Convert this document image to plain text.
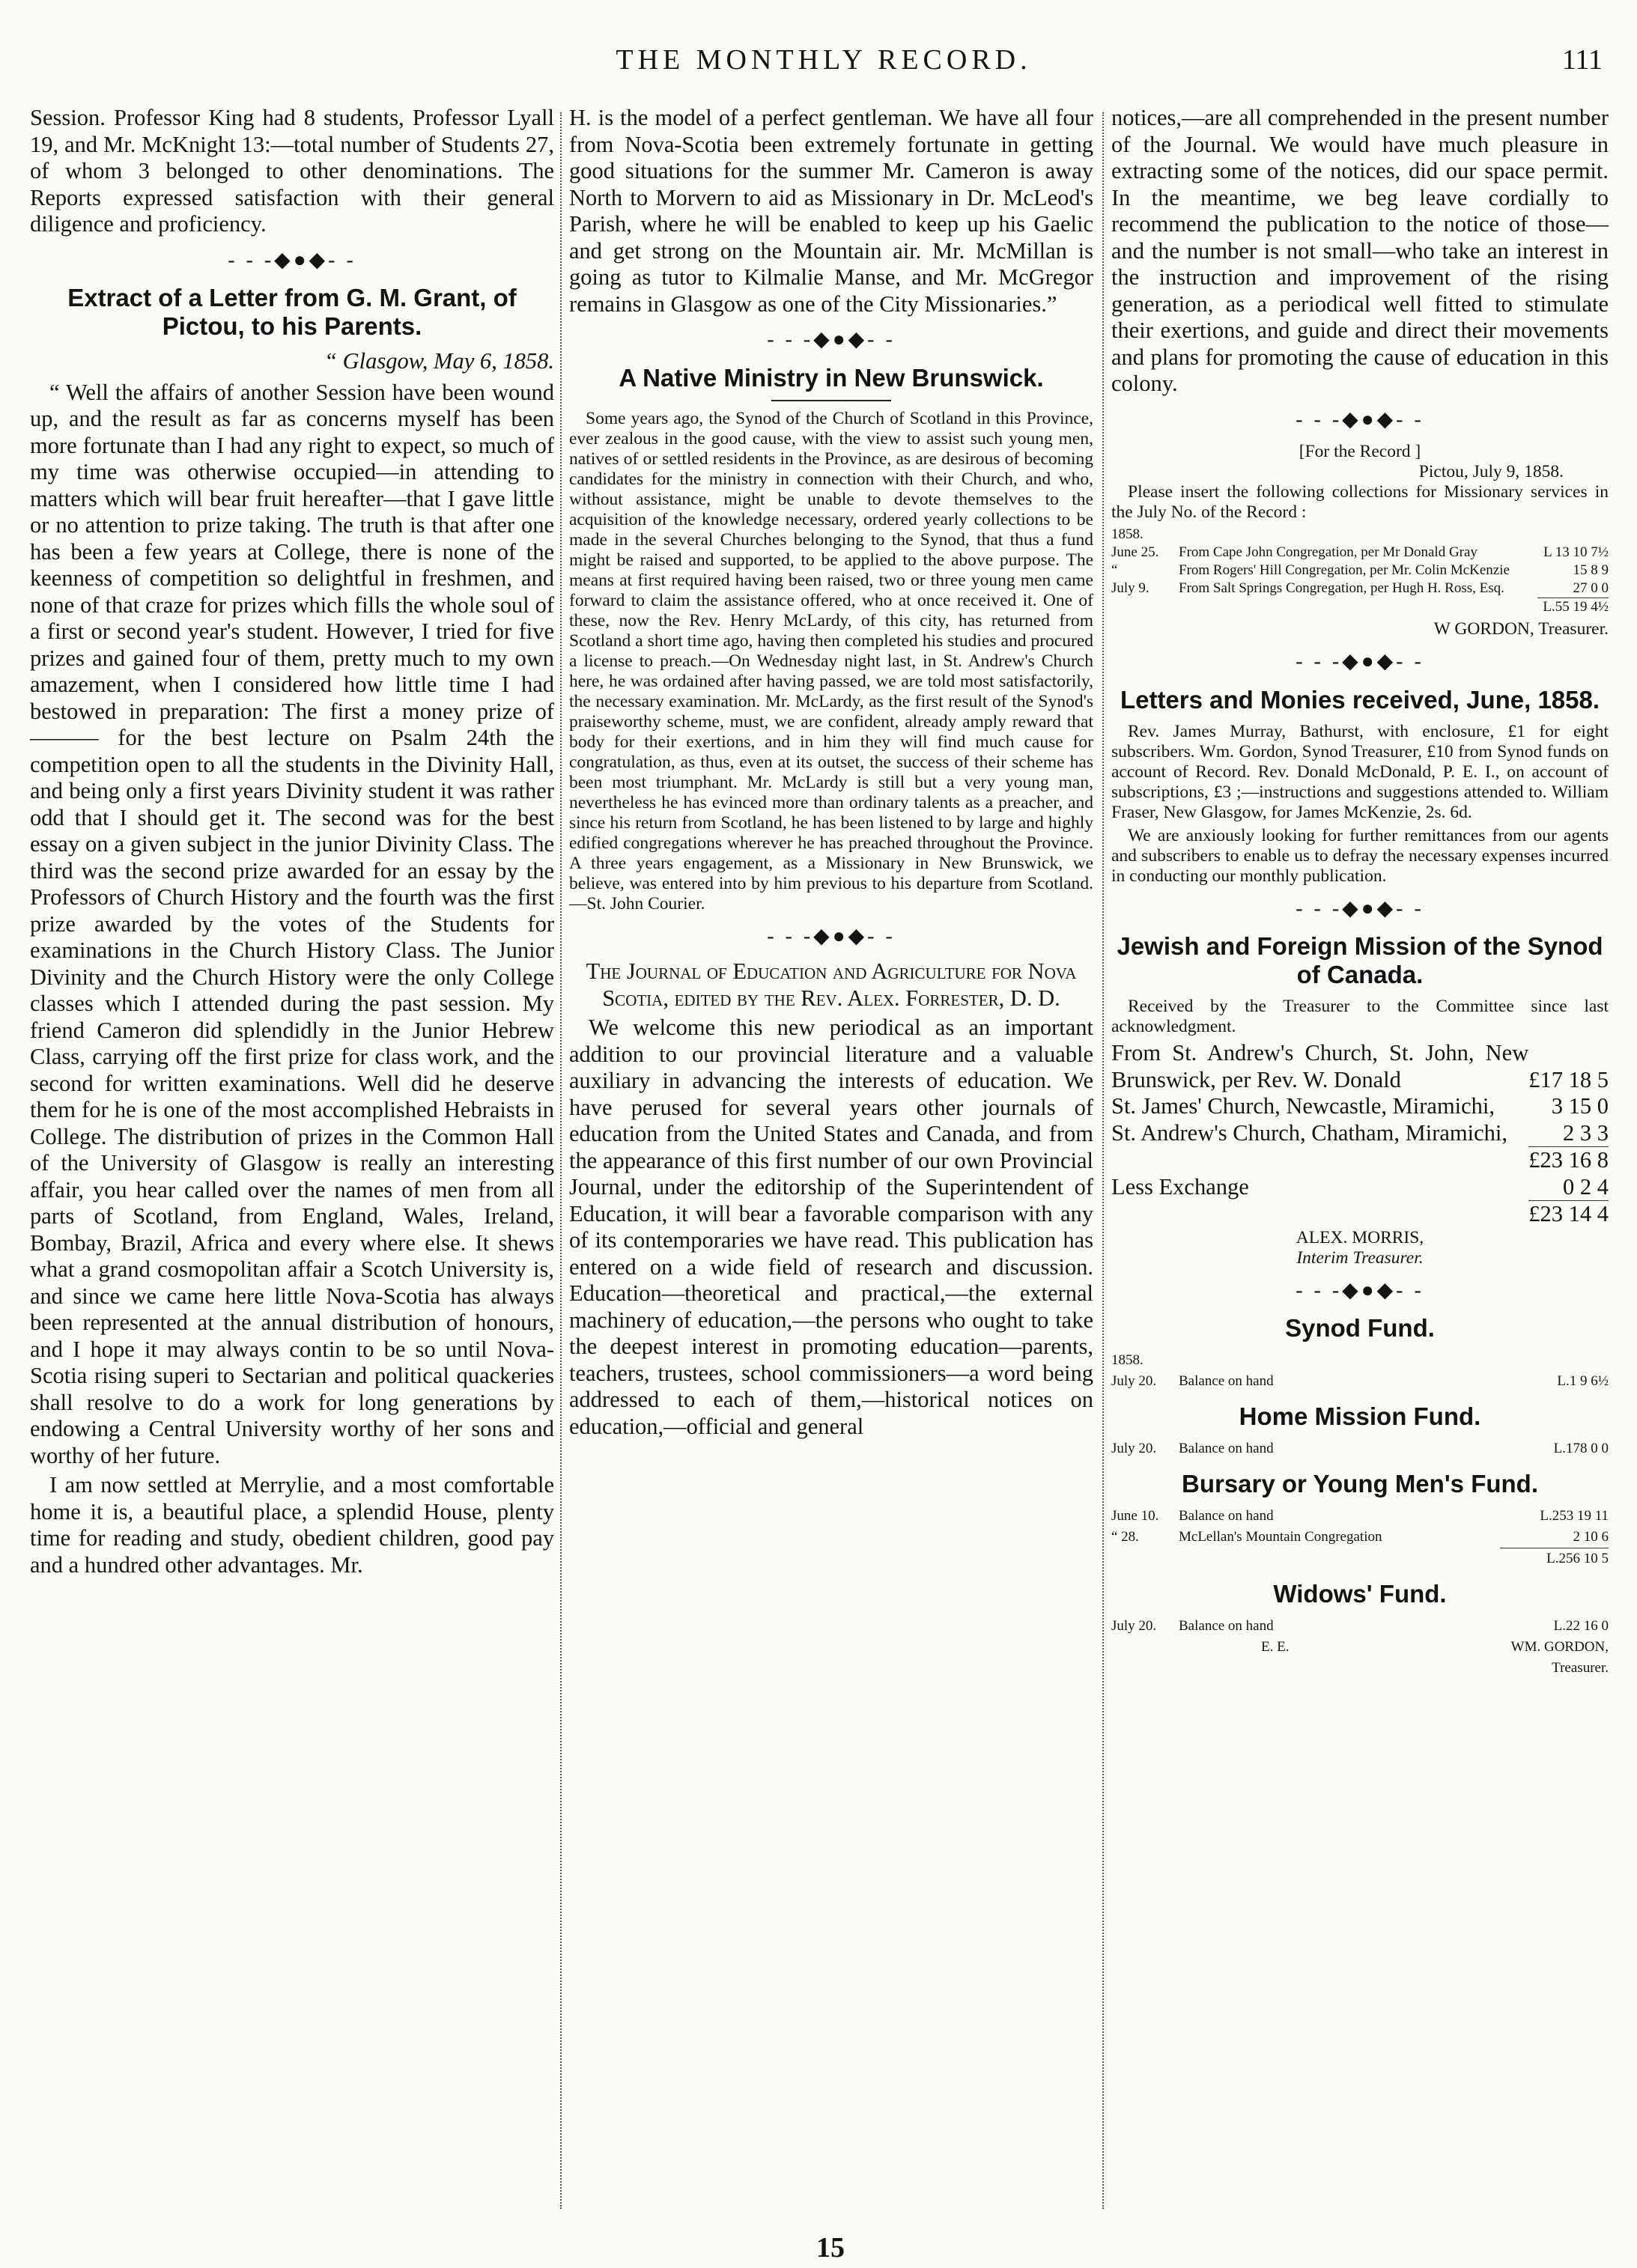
THE MONTHLY RECORD.	111

Session. Professor King had 8 students, Professor Lyall 19, and Mr. McKnight 13:—total number of Students 27, of whom 3 belonged to other denominations. The Reports expressed satisfaction with their general diligence and proficiency.

- - -◆●◆- -
Extract of a Letter from G. M. Grant, of Pictou, to his Parents.
“ Glasgow, May 6, 1858.

“ Well the affairs of another Session have been wound up, and the result as far as concerns myself has been more fortunate than I had any right to expect, so much of my time was otherwise occupied—in attending to matters which will bear fruit hereafter—that I gave little or no attention to prize taking. The truth is that after one has been a few years at College, there is none of the keenness of competition so delightful in freshmen, and none of that craze for prizes which fills the whole soul of a first or second year's student. However, I tried for five prizes and gained four of them, pretty much to my own amazement, when I considered how little time I had bestowed in preparation: The first a money prize of ——— for the best lecture on Psalm 24th the competition open to all the students in the Divinity Hall, and being only a first years Divinity student it was rather odd that I should get it. The second was for the best essay on a given subject in the junior Divinity Class. The third was the second prize awarded for an essay by the Professors of Church History and the fourth was the first prize awarded by the votes of the Students for examinations in the Church History Class. The Junior Divinity and the Church History were the only College classes which I attended during the past session. My friend Cameron did splendidly in the Junior Hebrew Class, carrying off the first prize for class work, and the second for written examinations. Well did he deserve them for he is one of the most accomplished Hebraists in College. The distribution of prizes in the Common Hall of the University of Glasgow is really an interesting affair, you hear called over the names of men from all parts of Scotland, from England, Wales, Ireland, Bombay, Brazil, Africa and every where else. It shews what a grand cosmopolitan affair a Scotch University is, and since we came here little Nova-Scotia has always been represented at the annual distribution of honours, and I hope it may always contin to be so until Nova-Scotia rising superi to Sectarian and political quackeries shall resolve to do a work for long generations by endowing a Central University worthy of her sons and worthy of her future.

I am now settled at Merrylie, and a most comfortable home it is, a beautiful place, a splendid House, plenty time for reading and study, obedient children, good pay and a hundred other advantages. Mr.

H. is the model of a perfect gentleman. We have all four from Nova-Scotia been extremely fortunate in getting good situations for the summer Mr. Cameron is away North to Morvern to aid as Missionary in Dr. McLeod's Parish, where he will be enabled to keep up his Gaelic and get strong on the Mountain air. Mr. McMillan is going as tutor to Kilmalie Manse, and Mr. McGregor remains in Glasgow as one of the City Missionaries.”

- - -◆●◆- -
A Native Ministry in New Brunswick.

Some years ago, the Synod of the Church of Scotland in this Province, ever zealous in the good cause, with the view to assist such young men, natives of or settled residents in the Province, as are desirous of becoming candidates for the ministry in connection with their Church, and who, without assistance, might be unable to devote themselves to the acquisition of the knowledge necessary, ordered yearly collections to be made in the several Churches belonging to the Synod, that thus a fund might be raised and supported, to be applied to the above purpose. The means at first required having been raised, two or three young men came forward to claim the assistance offered, who at once received it. One of these, now the Rev. Henry McLardy, of this city, has returned from Scotland a short time ago, having then completed his studies and procured a license to preach.—On Wednesday night last, in St. Andrew's Church here, he was ordained after having passed, we are told most satisfactorily, the necessary examination. Mr. McLardy, as the first result of the Synod's praiseworthy scheme, must, we are confident, already amply reward that body for their exertions, and in him they will find much cause for congratulation, as thus, even at its outset, the success of their scheme has been most triumphant. Mr. McLardy is still but a very young man, nevertheless he has evinced more than ordinary talents as a preacher, and since his return from Scotland, he has been listened to by large and highly edified congregations wherever he has preached throughout the Province. A three years engagement, as a Missionary in New Brunswick, we believe, was entered into by him previous to his departure from Scotland.—St. John Courier.

- - -◆●◆- -

The Journal of Education and Agriculture for Nova Scotia, edited by the Rev. Alex. Forrester, D. D.

We welcome this new periodical as an important addition to our provincial literature and a valuable auxiliary in advancing the interests of education. We have perused for several years other journals of education from the United States and Canada, and from the appearance of this first number of our own Provincial Journal, under the editorship of the Superintendent of Education, it will bear a favorable comparison with any of its contemporaries we have read. This publication has entered on a wide field of research and discussion. Education—theoretical and practical,—the external machinery of education,—the persons who ought to take the deepest interest in promoting education—parents, teachers, trustees, school commissioners—a word being addressed to each of them,—historical notices on education,—official and general

notices,—are all comprehended in the present number of the Journal. We would have much pleasure in extracting some of the notices, did our space permit. In the meantime, we beg leave cordially to recommend the publication to the notice of those—and the number is not small—who take an interest in the instruction and improvement of the rising generation, as a periodical well fitted to stimulate their exertions, and guide and direct their movements and plans for promoting the cause of education in this colony.

- - -◆●◆- -
[For the Record ]
Pictou, July 9, 1858.

Please insert the following collections for Missionary services in the July No. of the Record :

1858.
June 25.	From Cape John Congregation, per Mr Donald Gray	L 13 10 7½
“	From Rogers' Hill Congregation, per Mr. Colin McKenzie	15 8 9
July 9.	From Salt Springs Congregation, per Hugh H. Ross, Esq.	27 0 0
		L.55 19 4½
W GORDON, Treasurer.
- - -◆●◆- -
Letters and Monies received, June, 1858.

Rev. James Murray, Bathurst, with enclosure, £1 for eight subscribers. Wm. Gordon, Synod Treasurer, £10 from Synod funds on account of Record. Rev. Donald McDonald, P. E. I., on account of subscriptions, £3 ;—instructions and suggestions attended to. William Fraser, New Glasgow, for James McKenzie, 2s. 6d.

We are anxiously looking for further remittances from our agents and subscribers to enable us to defray the necessary expenses incurred in conducting our monthly publication.

- - -◆●◆- -
Jewish and Foreign Mission of the Synod of Canada.

Received by the Treasurer to the Committee since last acknowledgment.

From St. Andrew's Church, St. John, New Brunswick, per Rev. W. Donald	£17 18 5
St. James' Church, Newcastle, Miramichi,	3 15 0
St. Andrew's Church, Chatham, Miramichi,	2 3 3
	£23 16 8
Less Exchange	0 2 4
	£23 14 4
ALEX. MORRIS,
Interim Treasurer.
- - -◆●◆- -
Synod Fund.
1858.		
July 20.	Balance on hand	L.1 9 6½
Home Mission Fund.
July 20.	Balance on hand	L.178 0 0
Bursary or Young Men's Fund.
June 10.	Balance on hand	L.253 19 11
“ 28.	McLellan's Mountain Congregation	2 10 6
		L.256 10 5
Widows' Fund.
July 20.	Balance on hand	L.22 16 0
E. E.	WM. GORDON,
Treasurer.
15
